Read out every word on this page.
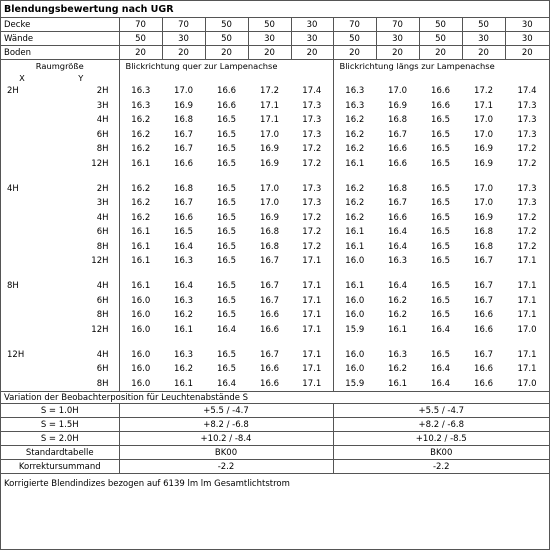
Blendungsbewertung nach UGR
Decke		70	70	50	50	30	70	70	50	50	30
Wände		50	30	50	30	30	50	30	50	30	30
Boden		20	20	20	20	20	20	20	20	20	20
Raumgröße		Blickrichtung quer zur Lampenachse					Blickrichtung längs zur Lampenachse				
X	Y										
2H	2H	16.3	17.0	16.6	17.2	17.4	16.3	17.0	16.6	17.2	17.4
	3H	16.3	16.9	16.6	17.1	17.3	16.3	16.9	16.6	17.1	17.3
	4H	16.2	16.8	16.5	17.1	17.3	16.2	16.8	16.5	17.0	17.3
	6H	16.2	16.7	16.5	17.0	17.3	16.2	16.7	16.5	17.0	17.3
	8H	16.2	16.7	16.5	16.9	17.2	16.2	16.6	16.5	16.9	17.2
	12H	16.1	16.6	16.5	16.9	17.2	16.1	16.6	16.5	16.9	17.2

4H	2H	16.2	16.8	16.5	17.0	17.3	16.2	16.8	16.5	17.0	17.3
	3H	16.2	16.7	16.5	17.0	17.3	16.2	16.7	16.5	17.0	17.3
	4H	16.2	16.6	16.5	16.9	17.2	16.2	16.6	16.5	16.9	17.2
	6H	16.1	16.5	16.5	16.8	17.2	16.1	16.4	16.5	16.8	17.2
	8H	16.1	16.4	16.5	16.8	17.2	16.1	16.4	16.5	16.8	17.2
	12H	16.1	16.3	16.5	16.7	17.1	16.0	16.3	16.5	16.7	17.1

8H	4H	16.1	16.4	16.5	16.7	17.1	16.1	16.4	16.5	16.7	17.1
	6H	16.0	16.3	16.5	16.7	17.1	16.0	16.2	16.5	16.7	17.1
	8H	16.0	16.2	16.5	16.6	17.1	16.0	16.2	16.5	16.6	17.1
	12H	16.0	16.1	16.4	16.6	17.1	15.9	16.1	16.4	16.6	17.0

12H	4H	16.0	16.3	16.5	16.7	17.1	16.0	16.3	16.5	16.7	17.1
	6H	16.0	16.2	16.5	16.6	17.1	16.0	16.2	16.4	16.6	17.1
	8H	16.0	16.1	16.4	16.6	17.1	15.9	16.1	16.4	16.6	17.0
Variation der Beobachterposition für Leuchtenabstände S
S = 1.0H	+5.5 / -4.7	+5.5 / -4.7
S = 1.5H	+8.2 / -6.8	+8.2 / -6.8
S = 2.0H	+10.2 / -8.4	+10.2 / -8.5
Standardtabelle	BK00	BK00
Korrektursummand	-2.2	-2.2
Korrigierte Blendindizes bezogen auf 6139 lm lm Gesamtlichtstrom
